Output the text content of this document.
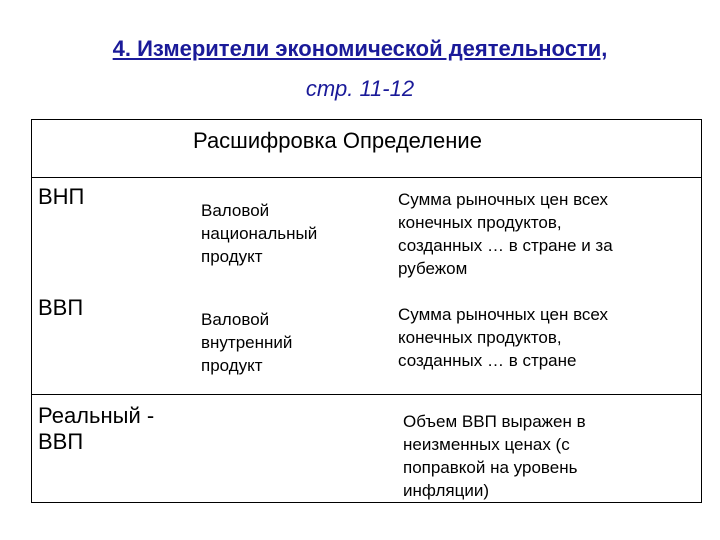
4. Измерители экономической деятельности,
стр. 11-12
Расшифровка Определение
ВНП
Валовой
национальный
продукт
Сумма рыночных цен всех
конечных продуктов,
созданных … в стране и за
рубежом
ВВП	Валовой
внутренний
продукт
Сумма рыночных цен всех
конечных продуктов,
созданных … в стране
Реальный -
ВВП
Объем ВВП выражен в
неизменных ценах (с
поправкой на уровень
инфляции)
